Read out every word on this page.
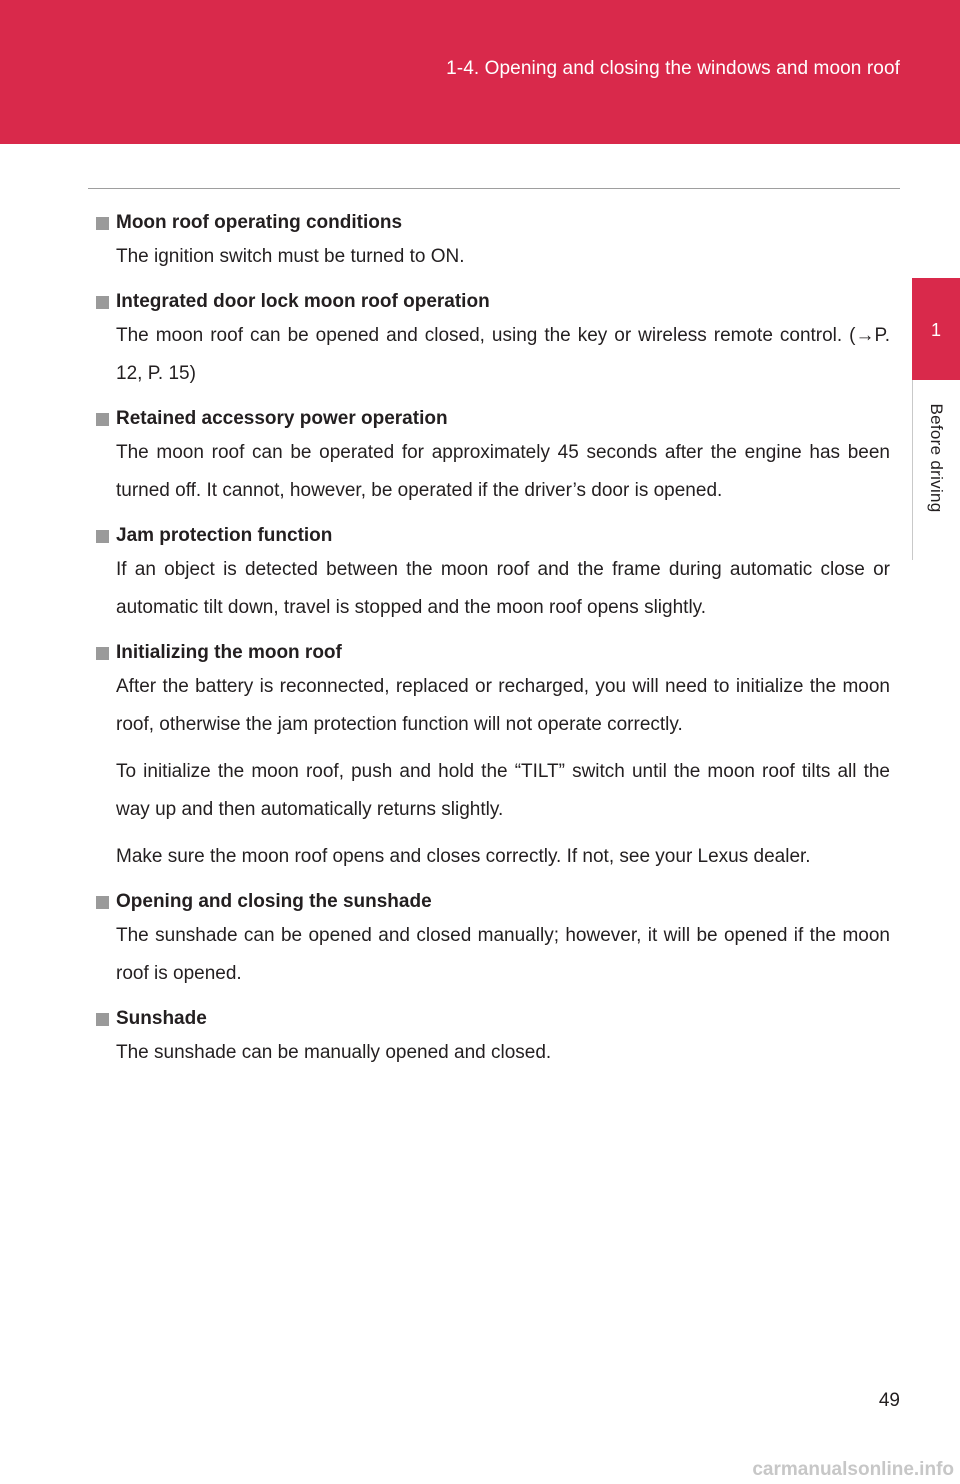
1-4. Opening and closing the windows and moon roof
1
Before driving
Moon roof operating conditions
The ignition switch must be turned to ON.
Integrated door lock moon roof operation
The moon roof can be opened and closed, using the key or wireless remote control. (→P. 12, P. 15)
Retained accessory power operation
The moon roof can be operated for approximately 45 seconds after the engine has been turned off. It cannot, however, be operated if the driver’s door is opened.
Jam protection function
If an object is detected between the moon roof and the frame during automatic close or automatic tilt down, travel is stopped and the moon roof opens slightly.
Initializing the moon roof
After the battery is reconnected, replaced or recharged, you will need to initialize the moon roof, otherwise the jam protection function will not operate correctly.
To initialize the moon roof, push and hold the “TILT” switch until the moon roof tilts all the way up and then automatically returns slightly.
Make sure the moon roof opens and closes correctly. If not, see your Lexus dealer.
Opening and closing the sunshade
The sunshade can be opened and closed manually; however, it will be opened if the moon roof is opened.
Sunshade
The sunshade can be manually opened and closed.
49
carmanualsonline.info
